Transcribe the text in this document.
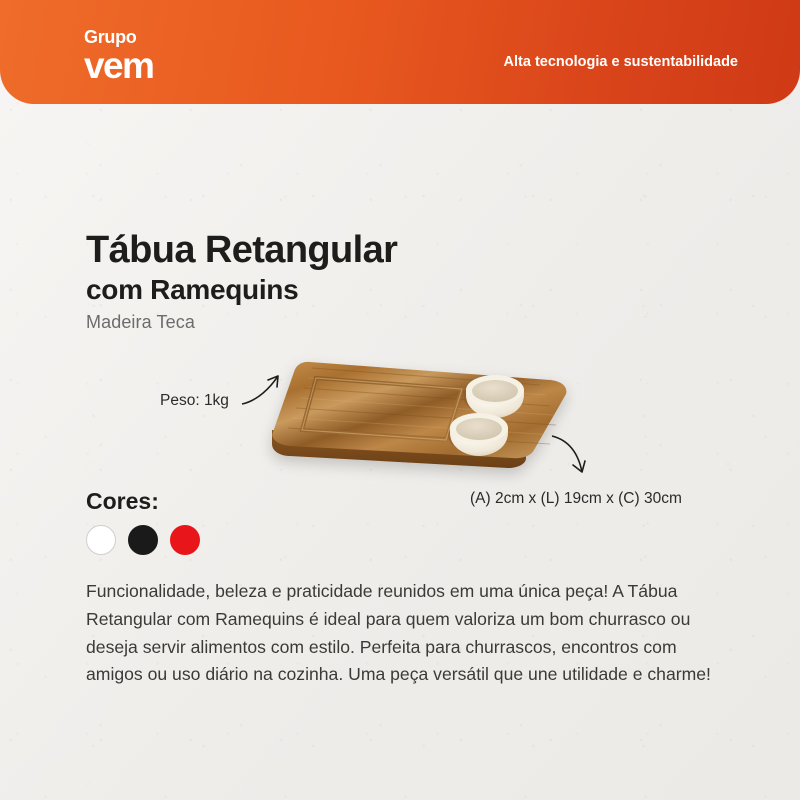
Grupo
vem	Alta tecnologia e sustentabilidade
Tábua Retangular
com Ramequins
Madeira Teca
Peso: 1kg
(A) 2cm x (L) 19cm x (C) 30cm
Cores:
Funcionalidade, beleza e praticidade reunidos em uma única peça! A Tábua Retangular com Ramequins é ideal para quem valoriza um bom churrasco ou deseja servir alimentos com estilo. Perfeita para churrascos, encontros com amigos ou uso diário na cozinha. Uma peça versátil que une utilidade e charme!
